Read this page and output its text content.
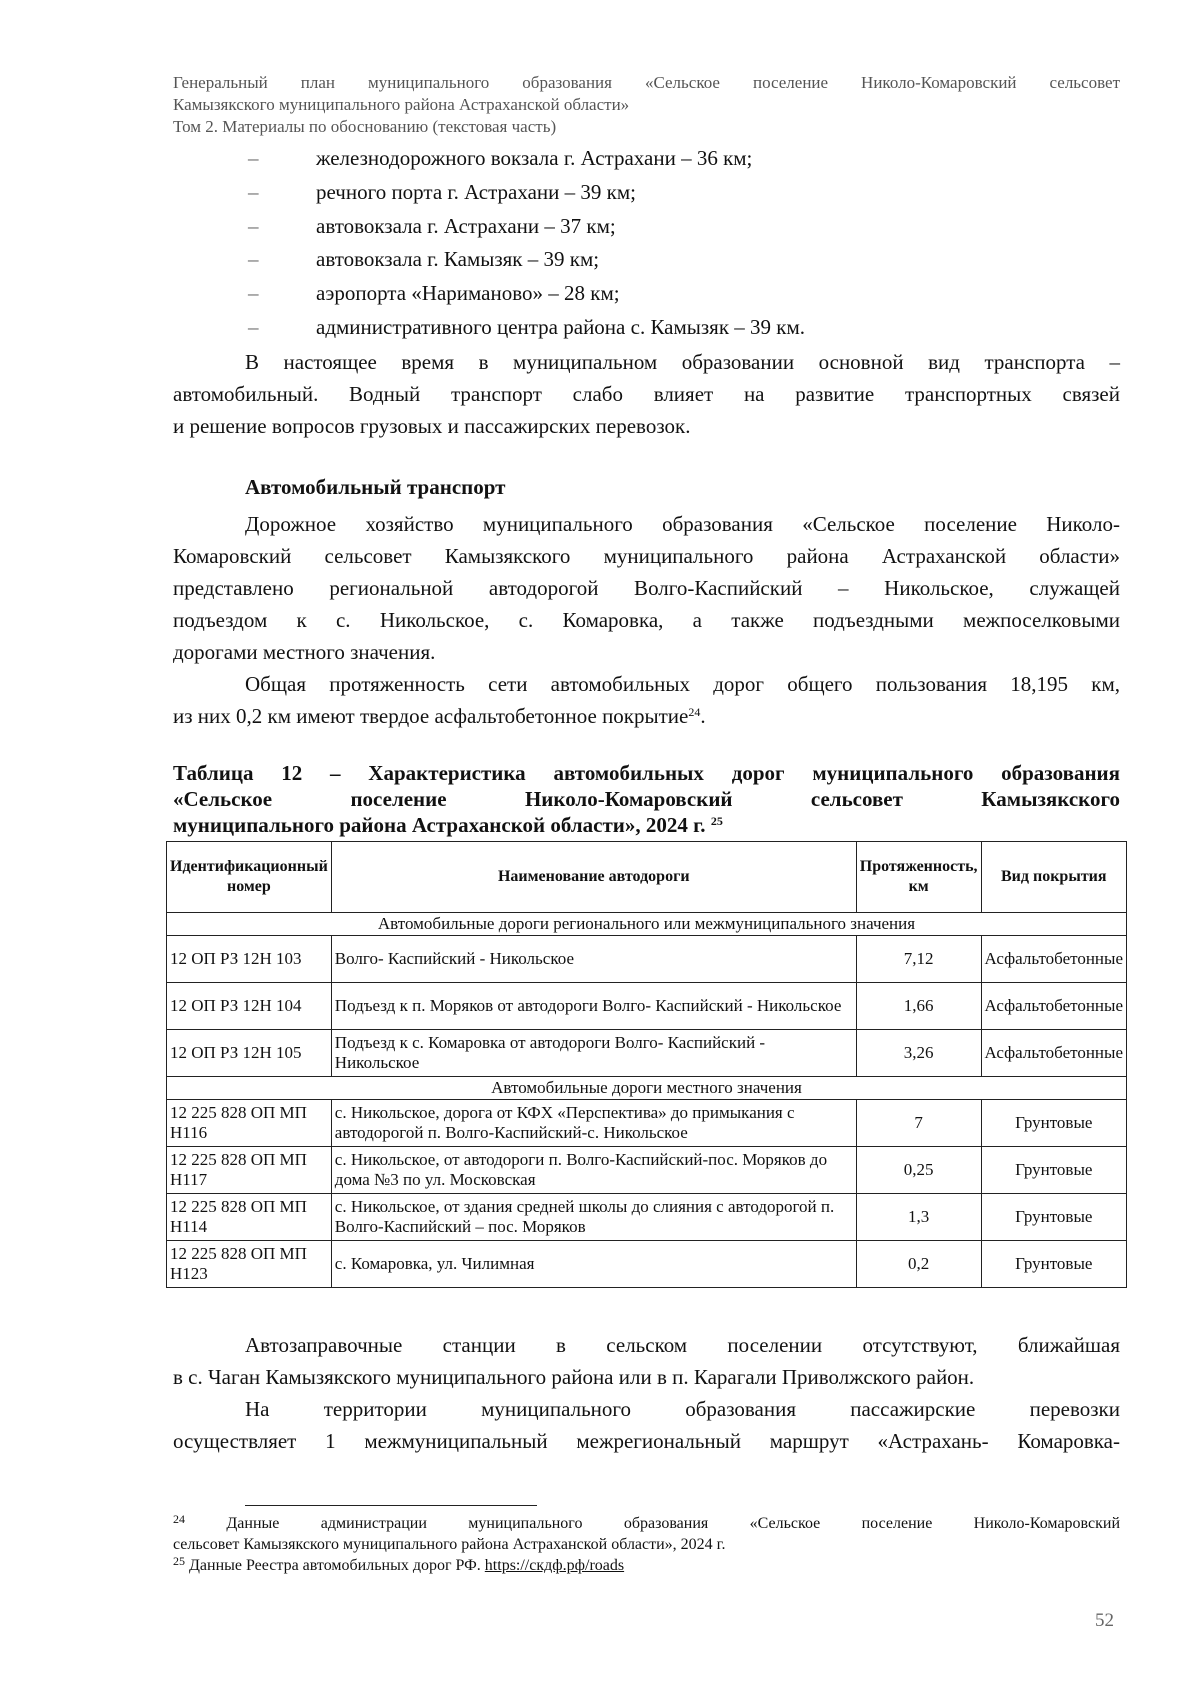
Генеральный план муниципального образования «Сельское поселение Николо-Комаровский сельсовет
Камызякского муниципального района Астраханской области»
Том 2. Материалы по обоснованию (текстовая часть)
–	железнодорожного вокзала г. Астрахани – 36 км;
–	речного порта г. Астрахани – 39 км;
–	автовокзала г. Астрахани – 37 км;
–	автовокзала г. Камызяк – 39 км;
–	аэропорта «Нариманово» – 28 км;
–	административного центра района с. Камызяк – 39 км.
В настоящее время в муниципальном образовании основной вид транспорта –
автомобильный. Водный транспорт слабо влияет на развитие транспортных связей
и решение вопросов грузовых и пассажирских перевозок.
Автомобильный транспорт
Дорожное хозяйство муниципального образования «Сельское поселение Николо-
Комаровский сельсовет Камызякского муниципального района Астраханской области»
представлено региональной автодорогой Волго-Каспийский – Никольское, служащей
подъездом к с. Никольское, с. Комаровка, а также подъездными межпоселковыми
дорогами местного значения.
Общая протяженность сети автомобильных дорог общего пользования 18,195 км,
из них 0,2 км имеют твердое асфальтобетонное покрытие$^{24}$.
Таблица 12 – Характеристика автомобильных дорог муниципального образования
«Сельское поселение Николо-Комаровский сельсовет Камызякского
муниципального района Астраханской области», 2024 г. $^{25}$
Идентификационный номер	Наименование автодороги	Протяженность, км	Вид покрытия
Автомобильные дороги регионального или межмуниципального значения			
12 ОП РЗ 12Н 103	Волго- Каспийский - Никольское	7,12	Асфальтобетонные
12 ОП РЗ 12Н 104	Подъезд к п. Моряков от автодороги Волго- Каспийский - Никольское	1,66	Асфальтобетонные
12 ОП РЗ 12Н 105	Подъезд к с. Комаровка от автодороги Волго- Каспийский - Никольское	3,26	Асфальтобетонные
Автомобильные дороги местного значения			
12 225 828 ОП МП Н116	с. Никольское, дорога от КФХ «Перспектива» до примыкания с автодорогой п. Волго-Каспийский-с. Никольское	7	Грунтовые
12 225 828 ОП МП Н117	с. Никольское, от автодороги п. Волго-Каспийский-пос. Моряков до дома №3 по ул. Московская	0,25	Грунтовые
12 225 828 ОП МП Н114	с. Никольское, от здания средней школы до слияния с автодорогой п. Волго-Каспийский – пос. Моряков	1,3	Грунтовые
12 225 828 ОП МП Н123	с. Комаровка, ул. Чилимная	0,2	Грунтовые
Автозаправочные станции в сельском поселении отсутствуют, ближайшая
в с. Чаган Камызякского муниципального района или в п. Карагали Приволжского район.
На территории муниципального образования пассажирские перевозки
осуществляет 1 межмуниципальный межрегиональный маршрут «Астрахань- Комаровка-
$^{24}$	Данные администрации муниципального образования «Сельское поселение Николо-Комаровский
сельсовет Камызякского муниципального района Астраханской области», 2024 г.
$^{25}$ Данные Реестра автомобильных дорог РФ. https://скдф.рф/roads
52
